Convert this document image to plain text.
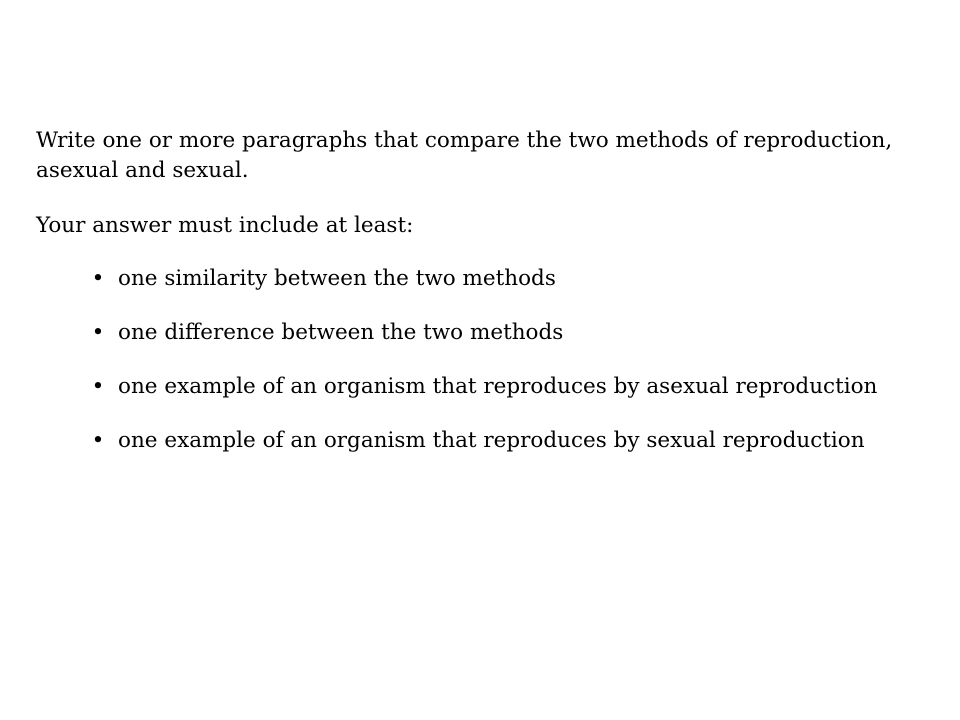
Write one or more paragraphs that compare the two methods of reproduction, asexual and sexual.

Your answer must include at least:

• one similarity between the two methods
• one difference between the two methods
• one example of an organism that reproduces by asexual reproduction
• one example of an organism that reproduces by sexual reproduction
